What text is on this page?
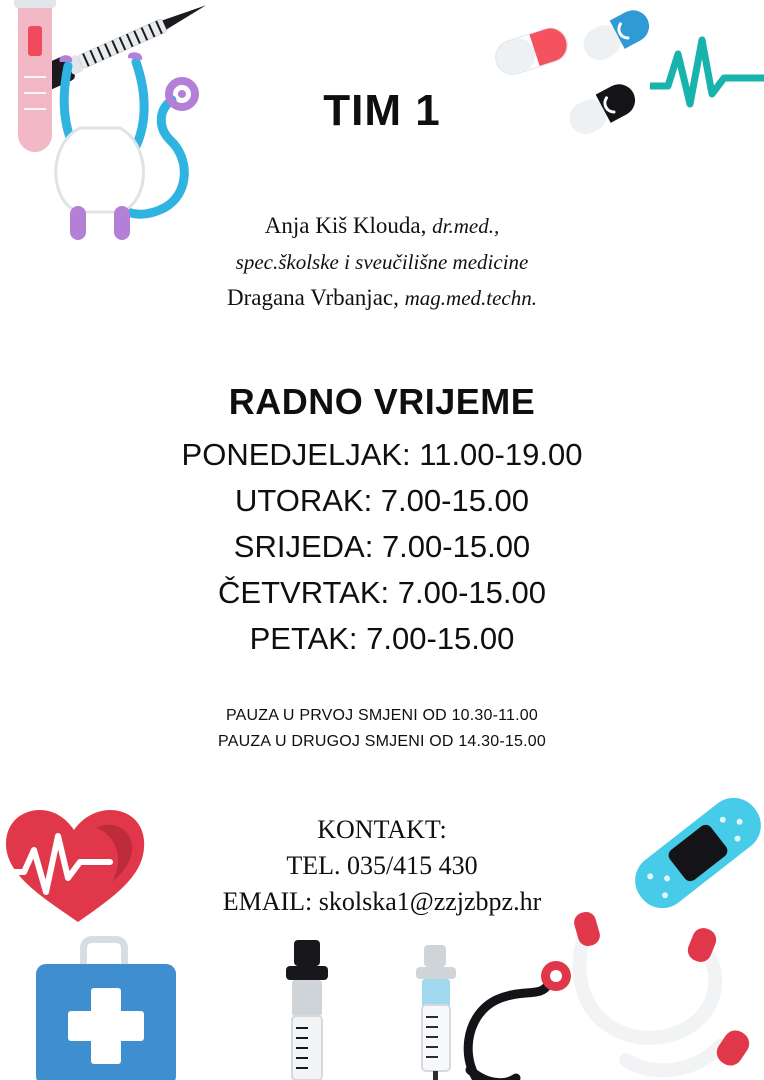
TIM 1
Anja Kiš Klouda, dr.med.,
spec.školske i sveučilišne medicine
Dragana Vrbanjac, mag.med.techn.
RADNO VRIJEME
PONEDJELJAK: 11.00-19.00
UTORAK: 7.00-15.00
SRIJEDA: 7.00-15.00
ČETVRTAK: 7.00-15.00
PETAK: 7.00-15.00
PAUZA U PRVOJ SMJENI OD 10.30-11.00
PAUZA U DRUGOJ SMJENI OD 14.30-15.00
KONTAKT:
TEL. 035/415 430
EMAIL: skolska1@zzjzbpz.hr
